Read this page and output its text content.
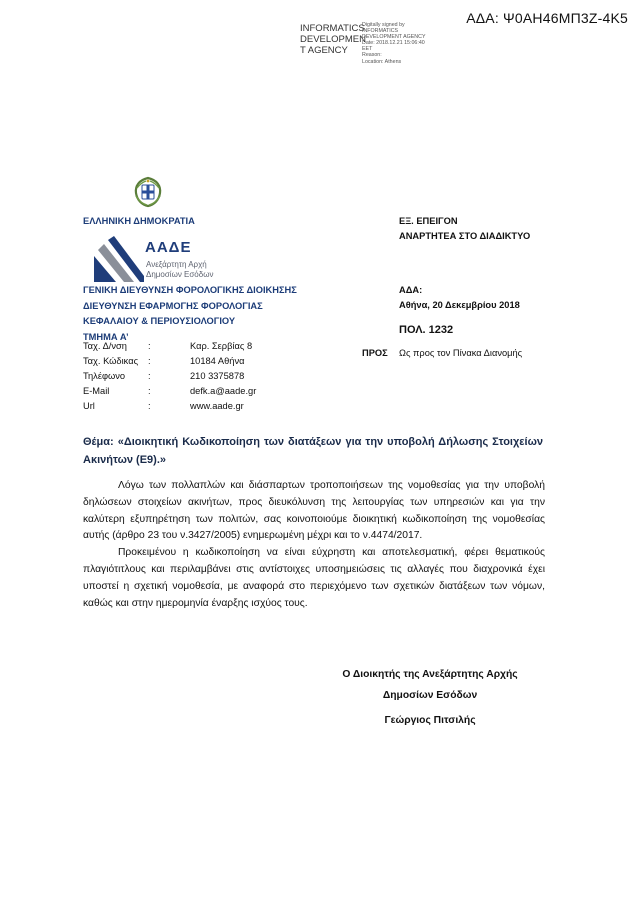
ΑΔΑ: Ψ0ΑΗ46ΜΠ3Ζ-4Κ5
INFORMATICS DEVELOPMEN T AGENCY
Digitally signed by
INFORMATICS
DEVELOPMENT AGENCY
Date: 2018.12.21 15:06:40
EET
Reason:
Location: Athens
ΕΛΛΗΝΙΚΗ ΔΗΜΟΚΡΑΤΙΑ
ΑΑΔΕ
Ανεξάρτητη Αρχή
Δημοσίων Εσόδων
ΓΕΝΙΚΗ ΔΙΕΥΘΥΝΣΗ ΦΟΡΟΛΟΓΙΚΗΣ ΔΙΟΙΚΗΣΗΣ
ΔΙΕΥΘΥΝΣΗ ΕΦΑΡΜΟΓΗΣ ΦΟΡΟΛΟΓΙΑΣ
ΚΕΦΑΛΑΙΟΥ & ΠΕΡΙΟΥΣΙΟΛΟΓΙΟΥ
ΤΜΗΜΑ Α’
Ταχ. Δ/νση :	Καρ. Σερβίας 8
Ταχ. Κώδικας :	10184 Αθήνα
Τηλέφωνο :	210 3375878
E-Mail	:	defk.a@aade.gr
Url	:	www.aade.gr
ΕΞ. ΕΠΕΙΓΟΝ
ΑΝΑΡΤΗΤΕΑ ΣΤΟ ΔΙΑΔΙΚΤΥΟ
ΑΔΑ:
Αθήνα, 20 Δεκεμβρίου 2018
ΠΟΛ. 1232
ΠΡΟΣ Ως προς τον Πίνακα Διανομής
Θέμα: «Διοικητική Κωδικοποίηση των διατάξεων για την υποβολή Δήλωσης Στοιχείων Ακινήτων (Ε9).»

Λόγω των πολλαπλών και διάσπαρτων τροποποιήσεων της νομοθεσίας για την υποβολή δηλώσεων στοιχείων ακινήτων, προς διευκόλυνση της λειτουργίας των υπηρεσιών και για την καλύτερη εξυπηρέτηση των πολιτών, σας κοινοποιούμε διοικητική κωδικοποίηση της νομοθεσίας αυτής (άρθρο 23 του ν.3427/2005) ενημερωμένη μέχρι και το ν.4474/2017.

Προκειμένου η κωδικοποίηση να είναι εύχρηστη και αποτελεσματική, φέρει θεματικούς πλαγιότιτλους και περιλαμβάνει στις αντίστοιχες υποσημειώσεις τις αλλαγές που διαχρονικά έχει υποστεί η σχετική νομοθεσία, με αναφορά στο περιεχόμενο των σχετικών διατάξεων των νόμων, καθώς και στην ημερομηνία έναρξης ισχύος τους.

Ο Διοικητής της Ανεξάρτητης Αρχής
Δημοσίων Εσόδων
Γεώργιος Πιτσιλής
